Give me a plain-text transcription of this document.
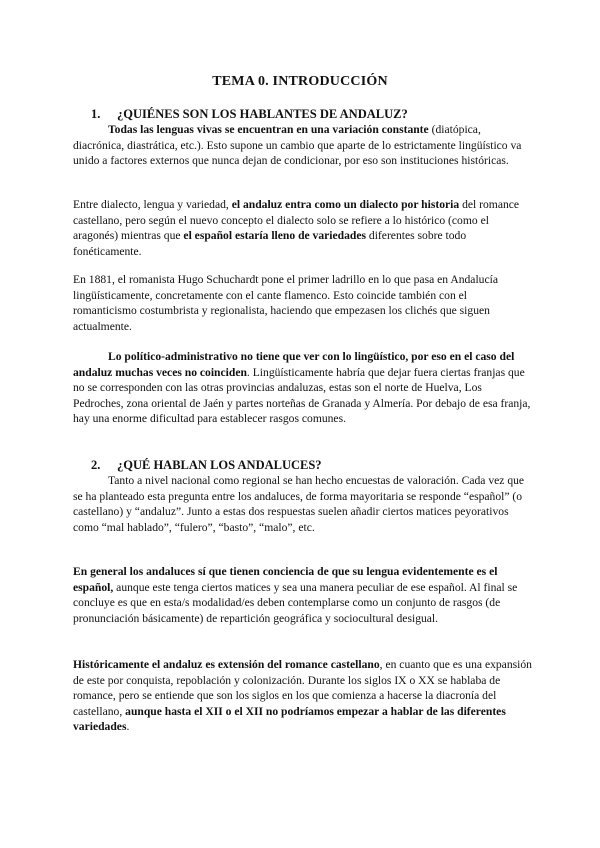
TEMA 0. INTRODUCCIÓN
1. ¿QUIÉNES SON LOS HABLANTES DE ANDALUZ?
Todas las lenguas vivas se encuentran en una variación constante (diatópica, diacrónica, diastrática, etc.). Esto supone un cambio que aparte de lo estrictamente lingüístico va unido a factores externos que nunca dejan de condicionar, por eso son instituciones históricas.
Entre dialecto, lengua y variedad, el andaluz entra como un dialecto por historia del romance castellano, pero según el nuevo concepto el dialecto solo se refiere a lo histórico (como el aragonés) mientras que el español estaría lleno de variedades diferentes sobre todo fonéticamente.
En 1881, el romanista Hugo Schuchardt pone el primer ladrillo en lo que pasa en Andalucía lingüísticamente, concretamente con el cante flamenco. Esto coincide también con el romanticismo costumbrista y regionalista, haciendo que empezasen los clichés que siguen actualmente.
Lo político-administrativo no tiene que ver con lo lingüístico, por eso en el caso del andaluz muchas veces no coinciden. Lingüísticamente habría que dejar fuera ciertas franjas que no se corresponden con las otras provincias andaluzas, estas son el norte de Huelva, Los Pedroches, zona oriental de Jaén y partes norteñas de Granada y Almería. Por debajo de esa franja, hay una enorme dificultad para establecer rasgos comunes.
2. ¿QUÉ HABLAN LOS ANDALUCES?
Tanto a nivel nacional como regional se han hecho encuestas de valoración. Cada vez que se ha planteado esta pregunta entre los andaluces, de forma mayoritaria se responde “español” (o castellano) y “andaluz”. Junto a estas dos respuestas suelen añadir ciertos matices peyorativos como “mal hablado”, “fulero”, “basto”, “malo”, etc.
En general los andaluces sí que tienen conciencia de que su lengua evidentemente es el español, aunque este tenga ciertos matices y sea una manera peculiar de ese español. Al final se concluye es que en esta/s modalidad/es deben contemplarse como un conjunto de rasgos (de pronunciación básicamente) de repartición geográfica y sociocultural desigual.
Históricamente el andaluz es extensión del romance castellano, en cuanto que es una expansión de este por conquista, repoblación y colonización. Durante los siglos IX o XX se hablaba de romance, pero se entiende que son los siglos en los que comienza a hacerse la diacronía del castellano, aunque hasta el XII o el XII no podríamos empezar a hablar de las diferentes variedades.
